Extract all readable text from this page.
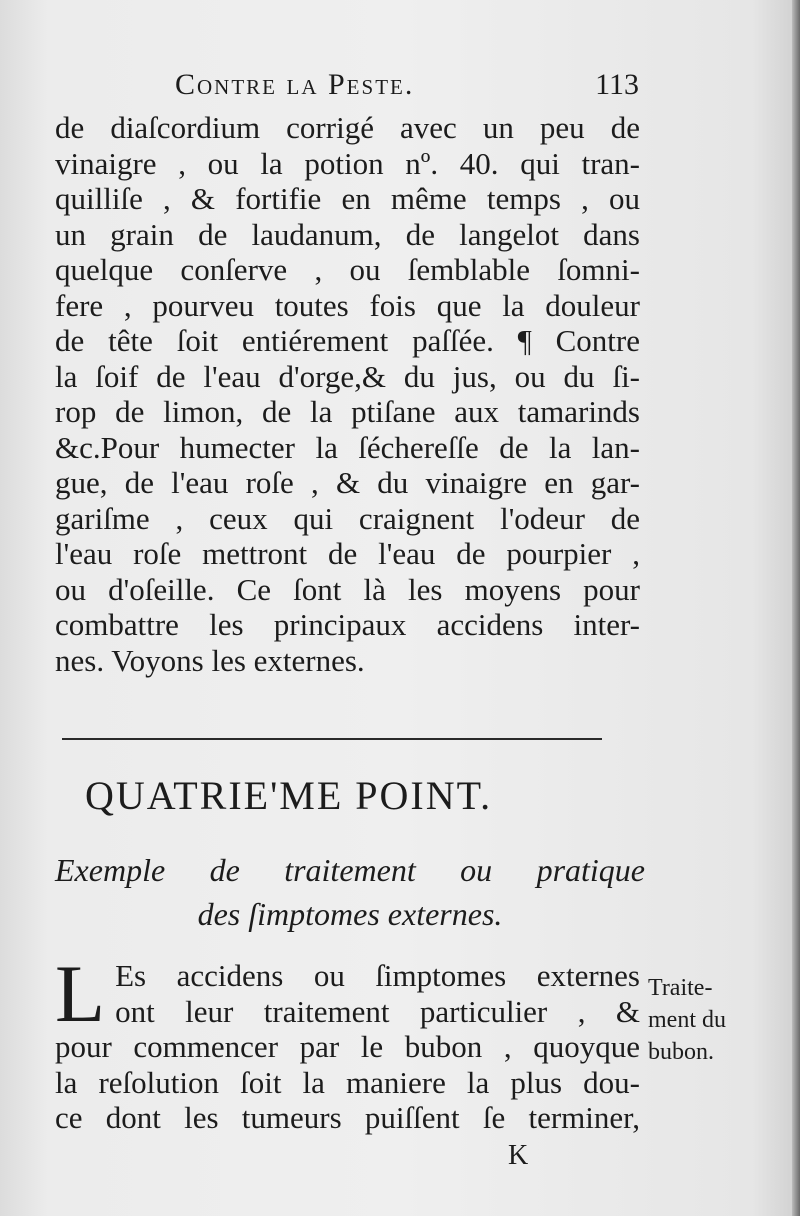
Contre la Peste.	113
de diaſcordium corrigé avec un peu de
vinaigre , ou la potion nº. 40. qui tran-
quilliſe , & fortifie en même temps , ou
un grain de laudanum, de langelot dans
quelque conſerve , ou ſemblable ſomni-
fere , pourveu toutes fois que la douleur
de tête ſoit entiérement paſſée. ¶ Contre
la ſoif de l'eau d'orge,& du jus, ou du ſi-
rop de limon, de la ptiſane aux tamarinds
&c.Pour humecter la ſécherеſſe de la lan-
gue, de l'eau roſe , & du vinaigre en gar-
gariſme , ceux qui craignent l'odeur de
l'eau roſe mettront de l'eau de pourpier ,
ou d'oſeille. Ce ſont là les moyens pour
combattre les principaux accidens inter-
nes. Voyons les externes.
QUATRIE'ME POINT.
Exemple de traitement ou pratique
des ſimptomes externes.
L Es accidens ou ſimptomes externes
ont leur traitement particulier , &
pour commencer par le bubon , quoyque
la reſolution ſoit la maniere la plus dou-
ce dont les tumeurs puiſſent ſe terminer,
Traite-
ment du
bubon.
K
